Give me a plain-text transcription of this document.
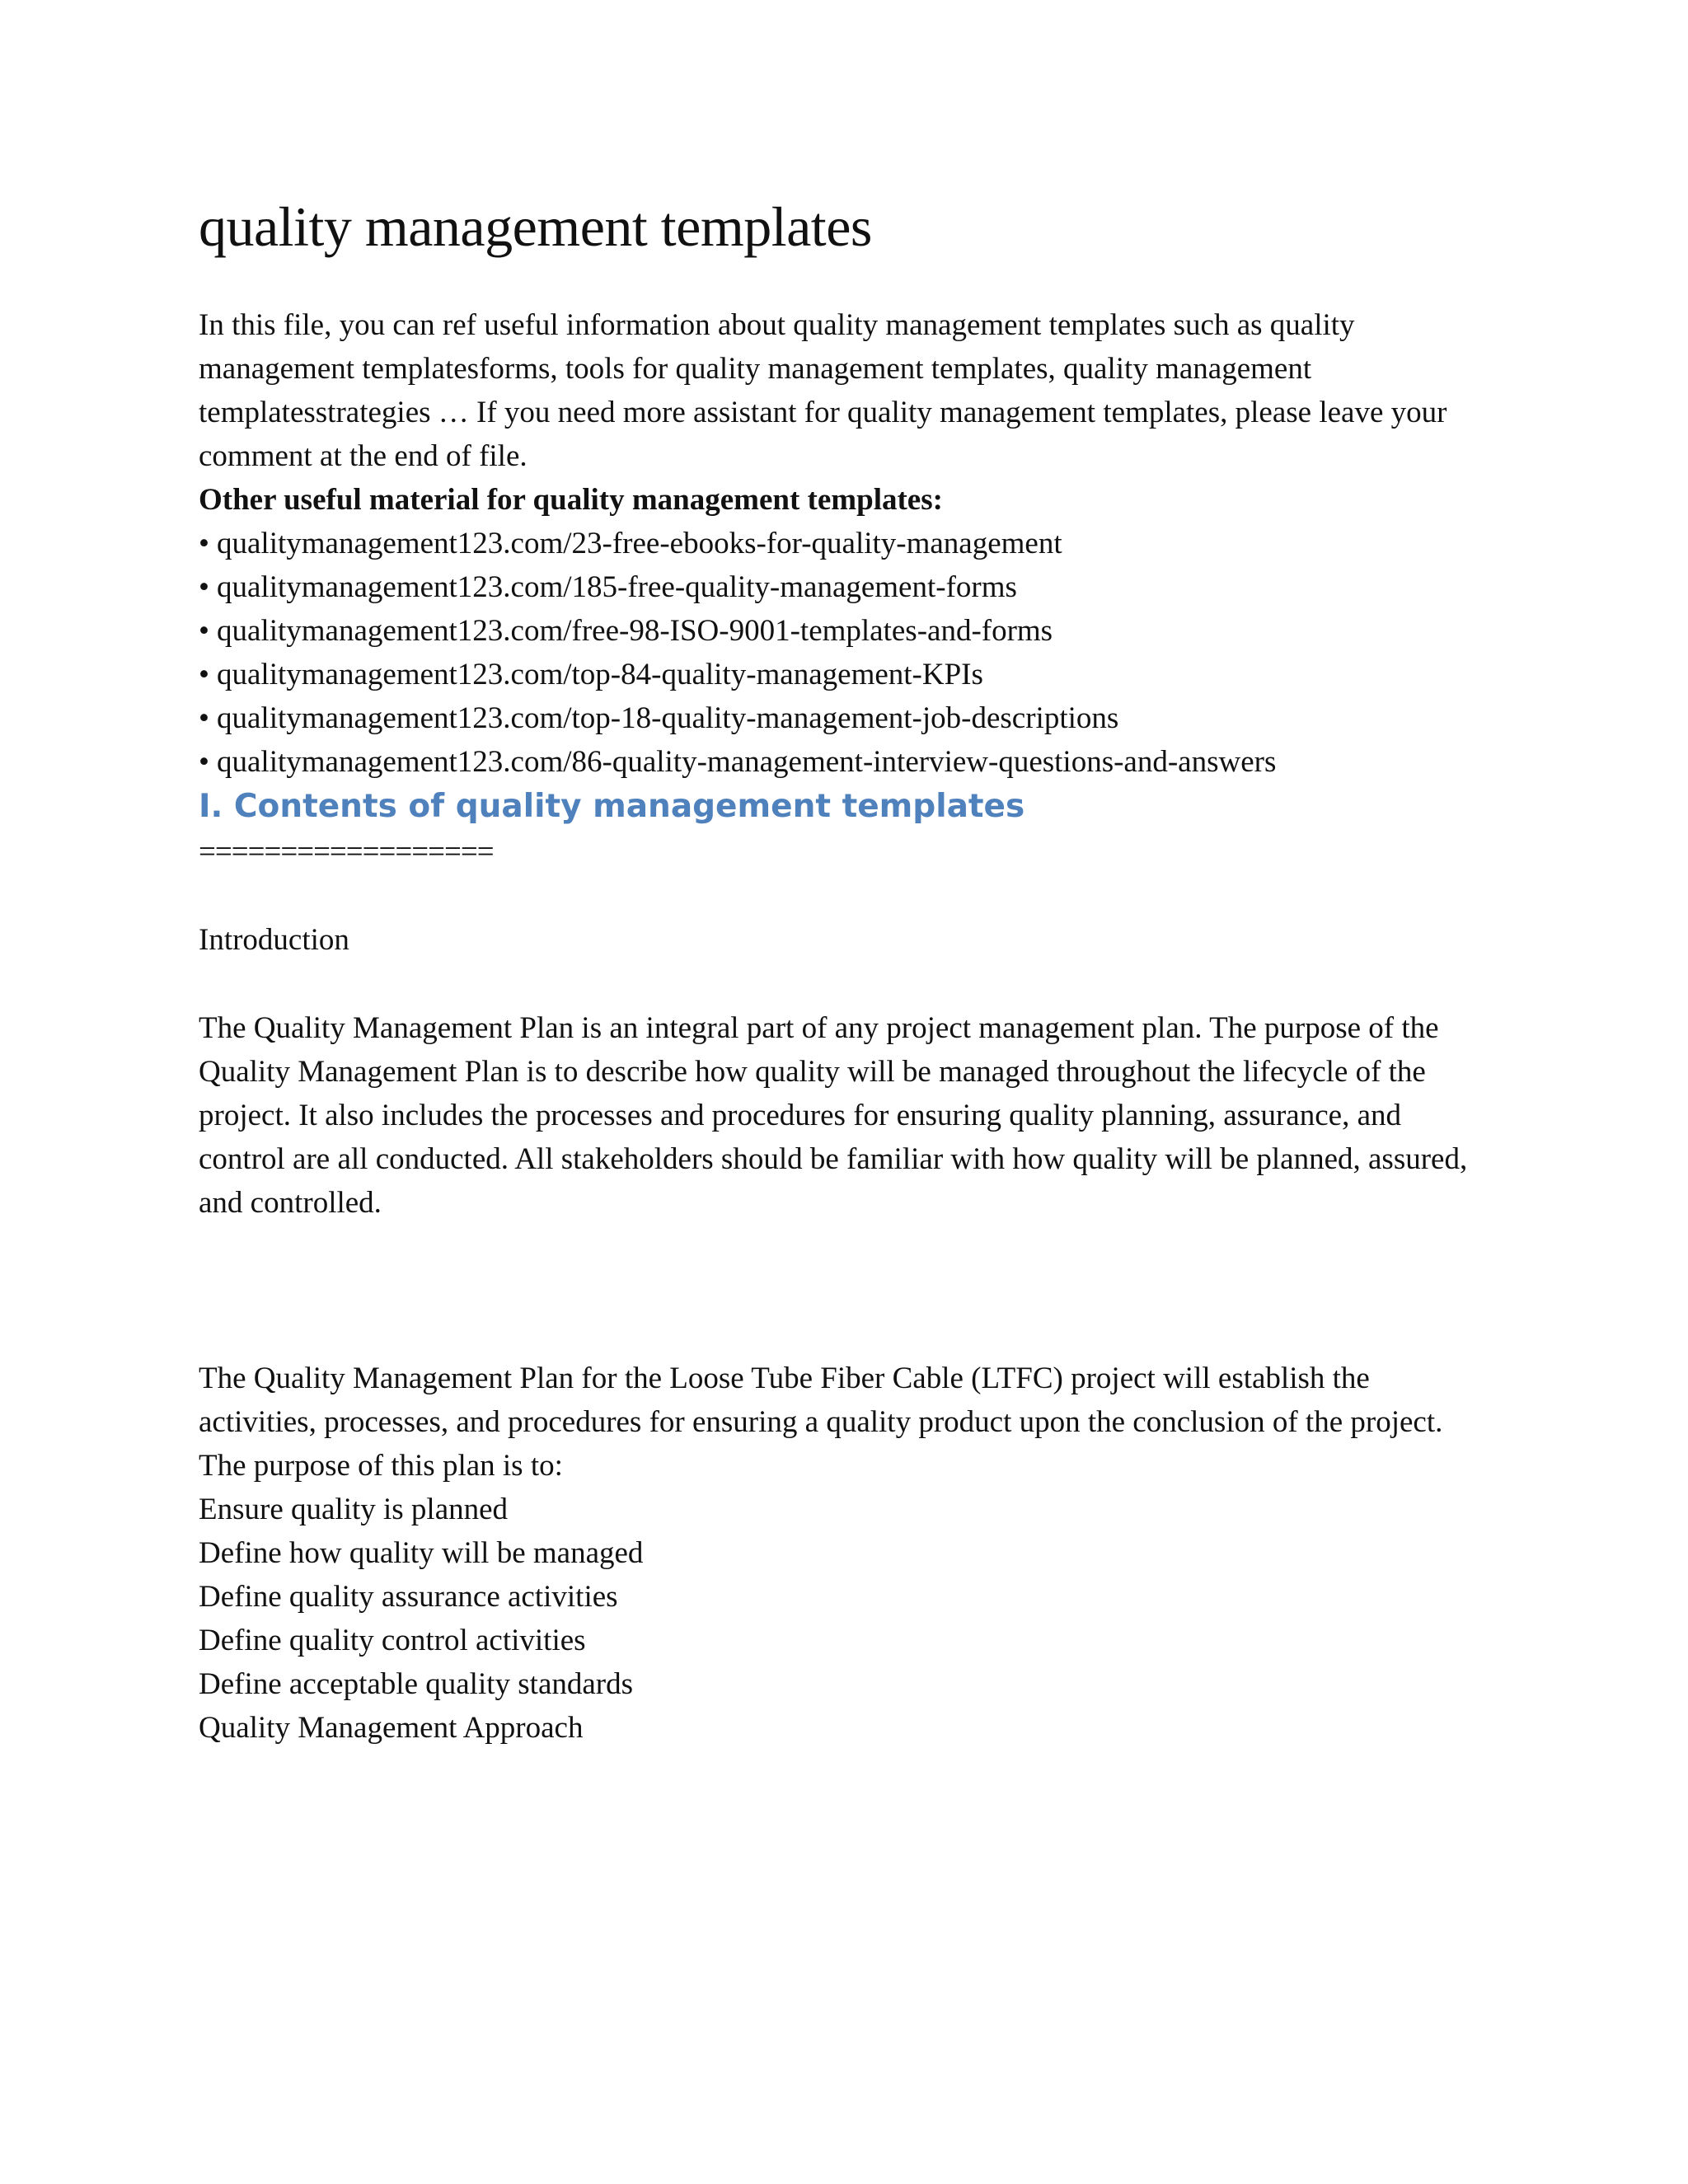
quality management templates

In this file, you can ref useful information about quality management templates such as quality management templatesforms, tools for quality management templates, quality management templatesstrategies … If you need more assistant for quality management templates, please leave your comment at the end of file.

Other useful material for quality management templates:

• qualitymanagement123.com/23-free-ebooks-for-quality-management
• qualitymanagement123.com/185-free-quality-management-forms
• qualitymanagement123.com/free-98-ISO-9001-templates-and-forms
• qualitymanagement123.com/top-84-quality-management-KPIs
• qualitymanagement123.com/top-18-quality-management-job-descriptions
• qualitymanagement123.com/86-quality-management-interview-questions-and-answers
I. Contents of quality management templates

==================

Introduction

The Quality Management Plan is an integral part of any project management plan. The purpose of the Quality Management Plan is to describe how quality will be managed throughout the lifecycle of the project. It also includes the processes and procedures for ensuring quality planning, assurance, and control are all conducted. All stakeholders should be familiar with how quality will be planned, assured, and controlled.

The Quality Management Plan for the Loose Tube Fiber Cable (LTFC) project will establish the activities, processes, and procedures for ensuring a quality product upon the conclusion of the project. The purpose of this plan is to:

Ensure quality is planned
Define how quality will be managed
Define quality assurance activities
Define quality control activities
Define acceptable quality standards
Quality Management Approach
